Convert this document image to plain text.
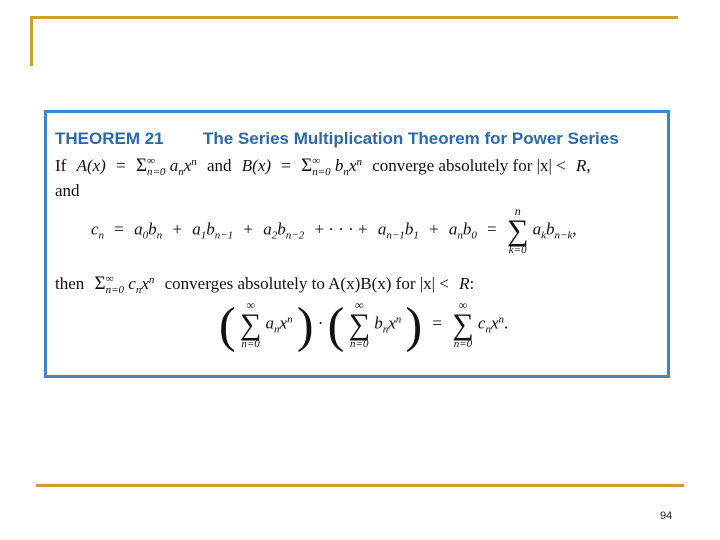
THEOREM 21 The Series Multiplication Theorem for Power Series
If A(x) = Σ ∞
n=0 $a_nx^n$ and B(x) = Σ ∞
n=0 $b_nx^n$ converge absolutely for |x| < R,
and
$c_n = a_0b_n + a_1b_{n-1} + a_2b_{n-2}$ + · · · + $a_{n-1}b_1 + a_nb_0$ =
n
∑
k=0
$a_kb_{n-k}$,
then Σ ∞
n=0 $c_nx^n$ converges absolutely to A(x)B(x) for |x| < R:
( ∞
∑
n=0
$a_nx^n$ ) · ( ∞
∑
n=0
$b_nx^n$ ) =
∞
∑
n=0
$c_nx^n$.
94
